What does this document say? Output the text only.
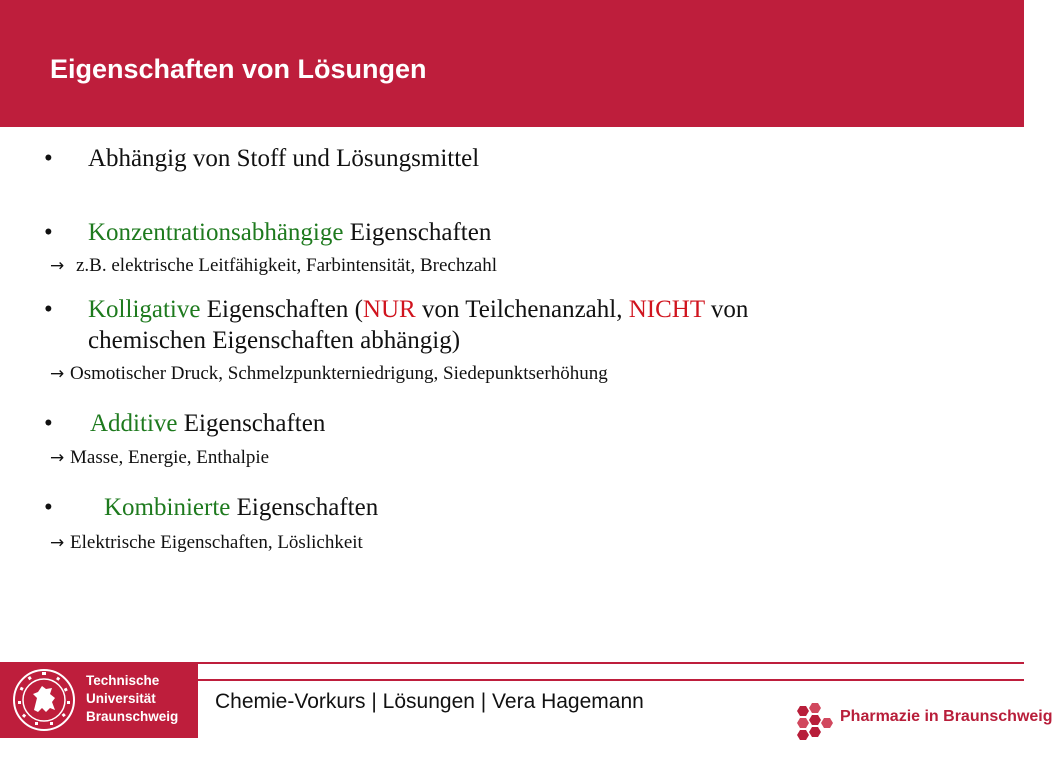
Eigenschaften von Lösungen
• Abhängig von Stoff und Lösungsmittel
• Konzentrationsabhängige Eigenschaften
→ z.B. elektrische Leitfähigkeit, Farbintensität, Brechzahl
• Kolligative Eigenschaften (NUR von Teilchenanzahl, NICHT von
chemischen Eigenschaften abhängig)
→ Osmotischer Druck, Schmelzpunkterniedrigung, Siedepunktserhöhung
• Additive Eigenschaften
→ Masse, Energie, Enthalpie
• Kombinierte Eigenschaften
→ Elektrische Eigenschaften, Löslichkeit
Technische
Universität
Braunschweig
Chemie-Vorkurs | Lösungen | Vera Hagemann
Pharmazie in Braunschweig
